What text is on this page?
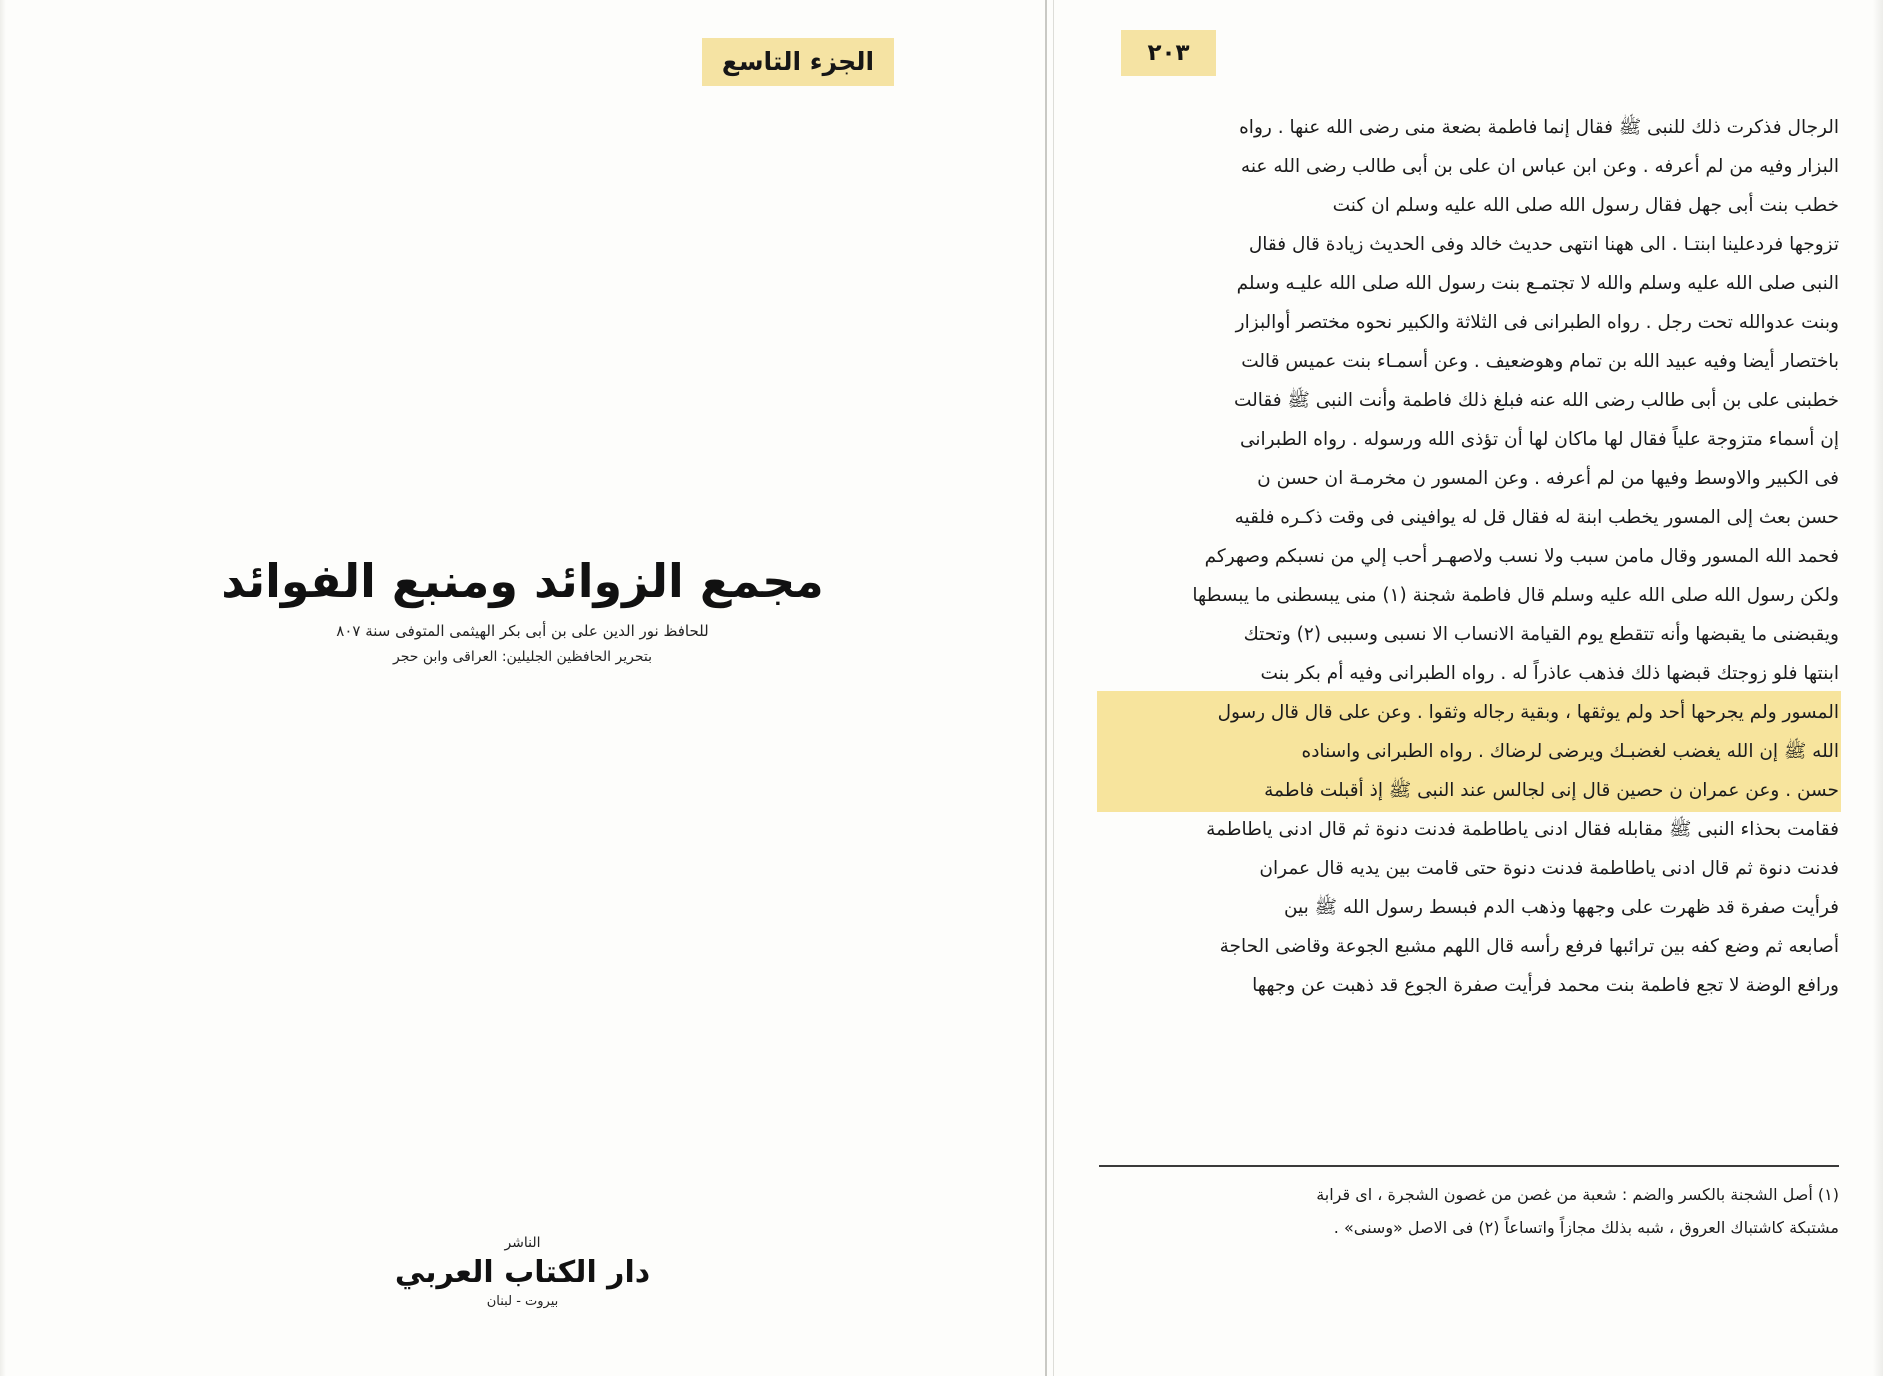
الجزء التاسع
مجمع الزوائد ومنبع الفوائد
للحافظ نور الدين على بن أبى بكر الهيثمى المتوفى سنة ٨٠٧
بتحرير الحافظين الجليلين: العراقى وابن حجر
الناشر
دار الكتاب العربي
بيروت - لبنان
٢٠٣

الرجال فذكرت ذلك للنبى ﷺ فقال إنما فاطمة بضعة منى رضى الله عنها . رواه
البزار وفيه من لم أعرفه . وعن ابن عباس ان على بن أبى طالب رضى الله عنه
خطب بنت أبى جهل فقال رسول الله صلى الله عليه وسلم ان كنت
تزوجها فردعلينا ابنتـا . الى ههنا انتهى حديث خالد وفى الحديث زيادة قال فقال
النبى صلى الله عليه وسلم والله لا تجتمـع بنت رسول الله صلى الله عليـه وسلم
وبنت عدوالله تحت رجل . رواه الطبرانى فى الثلاثة والكبير نحوه مختصر أوالبزار
باختصار أيضا وفيه عبيد الله بن تمام وهوضعيف . وعن أسمـاء بنت عميس قالت
خطبنى على بن أبى طالب رضى الله عنه فبلغ ذلك فاطمة وأنت النبى ﷺ فقالت
إن أسماء متزوجة علياً فقال لها ماكان لها أن تؤذى الله ورسوله . رواه الطبرانى
فى الكبير والاوسط وفيها من لم أعرفه . وعن المسور ن مخرمـة ان حسن ن
حسن بعث إلى المسور يخطب ابنة له فقال قل له يوافينى فى وقت ذكـره فلقيه
فحمد الله المسور وقال مامن سبب ولا نسب ولاصهـر أحب إلي من نسبكم وصهركم
ولكن رسول الله صلى الله عليه وسلم قال فاطمة شجنة (١) منى يبسطنى ما يبسطها
ويقبضنى ما يقبضها وأنه تتقطع يوم القيامة الانساب الا نسبى وسببى (٢) وتحتك
ابنتها فلو زوجتك قبضها ذلك فذهب عاذراً له . رواه الطبرانى وفيه أم بكر بنت
المسور ولم يجرحها أحد ولم يوثقها ، وبقية رجاله وثقوا . وعن على قال قال رسول
الله ﷺ إن الله يغضب لغضبـك ويرضى لرضاك . رواه الطبرانى واسناده
حسن . وعن عمران ن حصين قال إنى لجالس عند النبى ﷺ إذ أقبلت فاطمة
فقامت بحذاء النبى ﷺ مقابله فقال ادنى ياطاطمة فدنت دنوة ثم قال ادنى ياطاطمة
فدنت دنوة ثم قال ادنى ياطاطمة فدنت دنوة حتى قامت بين يديه قال عمران
فرأيت صفرة قد ظهرت على وجهها وذهب الدم فبسط رسول الله ﷺ بين
أصابعه ثم وضع كفه بين ترائبها فرفع رأسه قال اللهم مشبع الجوعة وقاضى الحاجة
ورافع الوضة لا تجع فاطمة بنت محمد فرأيت صفرة الجوع قد ذهبت عن وجهها

(١) أصل الشجنة بالكسر والضم : شعبة من غصن من غصون الشجرة ، اى قرابة
مشتبكة كاشتباك العروق ، شبه بذلك مجازاً واتساعاً (٢) فى الاصل «وسنى» .
